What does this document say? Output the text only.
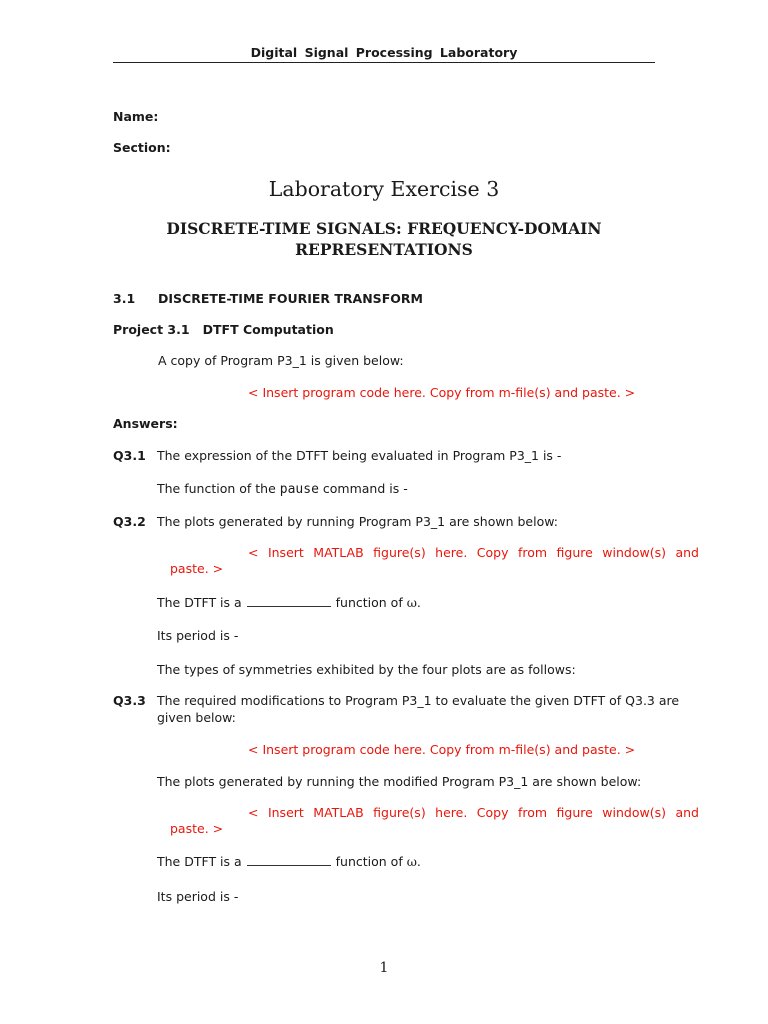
Digital Signal Processing Laboratory
Name:
Section:
Laboratory Exercise 3
DISCRETE-TIME SIGNALS: FREQUENCY-DOMAIN
REPRESENTATIONS
3.1 DISCRETE-TIME FOURIER TRANSFORM
Project 3.1 DTFT Computation
A copy of Program P3_1 is given below:
< Insert program code here. Copy from m-file(s) and paste. >
Answers:
Q3.1 The expression of the DTFT being evaluated in Program P3_1 is -
The function of the pause command is -
Q3.2 The plots generated by running Program P3_1 are shown below:
< Insert MATLAB figure(s) here. Copy from figure window(s) and
paste. >
The DTFT is a	function of ω.
Its period is -
The types of symmetries exhibited by the four plots are as follows:
Q3.3 The required modifications to Program P3_1 to evaluate the given DTFT of Q3.3 are
given below:
< Insert program code here. Copy from m-file(s) and paste. >
The plots generated by running the modified Program P3_1 are shown below:
< Insert MATLAB figure(s) here. Copy from figure window(s) and
paste. >
The DTFT is a	function of ω.
Its period is -
1
